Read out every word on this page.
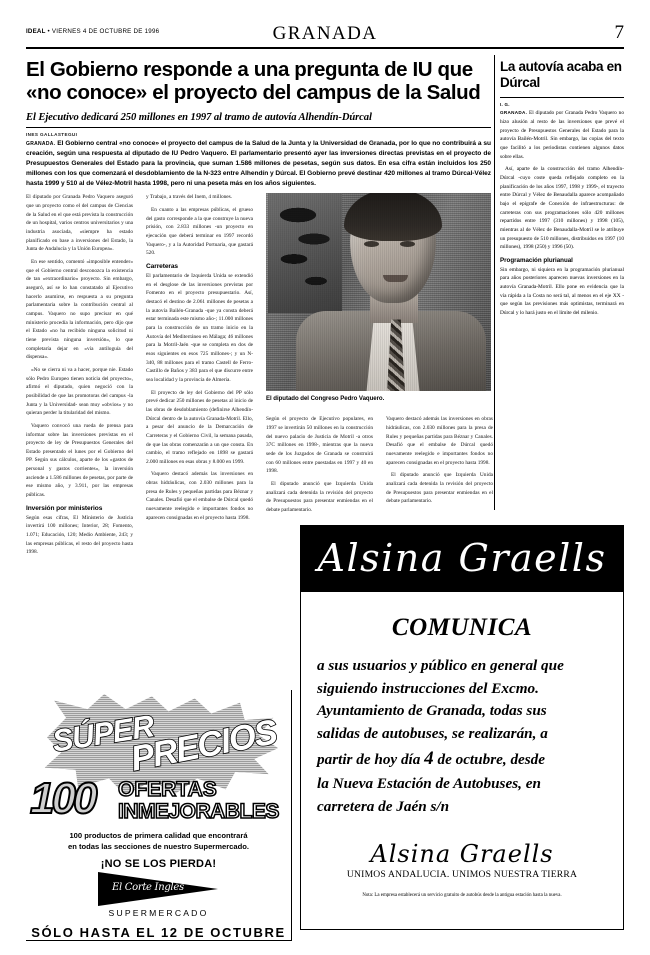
IDEAL • VIERNES 4 DE OCTUBRE DE 1996	GRANADA	7
El Gobierno responde a una pregunta de IU que
«no conoce» el proyecto del campus de la Salud
El Ejecutivo dedicará 250 millones en 1997 al tramo de autovía Alhendín-Dúrcal
INES GALLASTEGUI
GRANADA. El Gobierno central «no conoce» el proyecto del campus de la Salud de la Junta y la Universidad de Granada, por lo que no contribuirá a su creación, según una respuesta al diputado de IU Pedro Vaquero. El parlamentario presentó ayer las inversiones directas previstas en el proyecto de Presupuestos Generales del Estado para la provincia, que suman 1.586 millones de pesetas, según sus datos. En esa cifra están incluidos los 250 millones con los que comenzará el desdoblamiento de la N-323 entre Alhendín y Dúrcal. El Gobierno prevé destinar 420 millones al tramo Dúrcal-Vélez hasta 1999 y 510 al de Vélez-Motril hasta 1998, pero ni una peseta más en los años siguientes.

El diputado por Granada Pedro Vaquero aseguró que un proyecto como el del campus de Ciencias de la Salud en el que está prevista la construcción de un hospital, varios centros universitarios y una industria asociada, «siempre ha estado planificado en base a inversiones del Estado, la Junta de Andalucía y la Unión Europea».

En ese sentido, comentó «imposible entender» que el Gobierno central desconozca la existencia de tan «extraordinario» proyecto. Sin embargo, aseguró, así se lo han constatado al Ejecutivo hacerlo asumirse, en respuesta a su pregunta parlamentaria sobre la contribución central al campus. Vaquero no supo precisar en qué ministerio procedía la información, pero dijo que el Estado «no ha recibido ninguna solicitud ni tiene prevista ninguna inversión», lo que completaría dejar en «vía antiloguía del dispensa».

«No se cierra ni va a hacer, porque nie. Estado sólo Pedro Europeo tienen noticia del proyecto», afirmó el diputado, quien negoció con la posibilidad de que las promotoras del campus -la Junta y la Universidad- sean muy «obvios» y no quieran perder la titularidad del mismo.

Vaquero convocó una rueda de prensa para informar sobre las inversiones previstas en el proyecto de ley de Presupuestos Generales del Estado presentado el lunes por el Gobierno del PP. Según sus cálculos, aparte de los «gastos de personal y gastos corrientes», la inversión asciende a 1.586 millones de pesetas, por parte de ese mismo año, y 3.911, por las empresas públicas.

Inversión por ministerios

Según esas cifras, El Ministerio de Justicia invertirá 100 millones; Interior, 28; Fomento, 1.071; Educación, 120; Medio Ambiente, 243; y las empresas públicas, el resto del proyecto hasta 1998.

y Trabajo, a través del Inem, 4 millones.

En cuanto a las empresas públicas, el grueso del gasto corresponde a la que construye la nueva prisión, con 2.833 millones -un proyecto en ejecución que deberá terminar en 1997 recordó Vaquero-, y a la Autoridad Portuaria, que gastará 520.

Carreteras

El parlamentario de Izquierda Unida se extendió en el desglose de las inversiones previstas por Fomento en el proyecto presupuestario. Así, destacó el destino de 2.061 millones de pesetas a la autovía Bailén-Granada -que ya consta deberá estar terminada este mismo año-; 11.000 millones para la construcción de un tramo inicio en la Autovía del Mediterráneo en Málaga; 46 millones para la Motril-Jaén -que se completa en dos de esos siguientes en esos 725 millones-; y un N-340, 88 millones para el tramo Castell de Ferro-Castillo de Baños y 383 para el que discurre entre sea localidad y la provincia de Almería.

El proyecto de ley del Gobierno del PP sólo prevé dedicar 250 millones de pesetas al inicio de las obras de desdoblamiento (definirse Alhendín-Dúrcal dentro de la autovía Granada-Motril. Ello, a pesar del anuncio de la Demarcación de Carreteras y el Gobierno Civil, la semana pasada, de que las obras comenzarán a un que consta. En cambio, el tramo reflejado en 1898 se gastará 2.000 millones en esas obras y 8.000 en 1999.

Vaquero destacó además las inversiones en obras hidráulicas, con 2.030 millones para la presa de Rules y pequeñas partidas para Béznar y Canales. Desafió que el embalse de Dúrcal quedó nuevamente reelegido e importantes fondos no aparecen consignadas en el proyecto hasta 1998.

El diputado del Congreso Pedro Vaquero.

Según el proyecto de Ejecutivo populares, en 1997 se invertirán 50 millones en la construcción del nuevo palacio de Justicia de Motril -a otros 37C millones en 1998-, mientras que la nueva sede de los Juzgados de Granada se construirá con 60 millones entre puestadas en 1997 y 40 en 1998.

El diputado anunció que Izquierda Unida analizará cada detenida la revisión del proyecto de Presupuestos para presentar enmiendas en el debate parlamentario.

Vaquero destacó además las inversiones en obras hidráulicas, con 2.030 millones para la presa de Rules y pequeñas partidas para Béznar y Canales. Desafió que el embalse de Dúrcal quedó nuevamente reelegido e importantes fondos no aparecen consignadas en el proyecto hasta 1998.

El diputado anunció que Izquierda Unida analizará cada detenida la revisión del proyecto de Presupuestos para presentar enmiendas en el debate parlamentario.

La autovía acaba en Dúrcal
I. G.

GRANADA. El diputado por Granada Pedro Vaquero no hizo alusión al resto de las inversiones que prevé el proyecto de Presupuestos Generales del Estado para la autovía Bailén-Motril. Sin embargo, las copias del texto que facilitó a los periodistas contienen algunos datos sobre ellas.

Así, aparte de la construcción del tramo Alhendín-Dúrcal -cuyo coste queda reflejado completo en la planificación de los años 1997, 1998 y 1999-, el trayecto entre Dúrcal y Vélez de Benaudalla aparece acompañado bajo el epígrafe de Conexión de infraestructuras: de carreteras con sus programaciones sólo 420 millones repartidos entre 1997 (310 millones) y 1998 (105), mientras al de Vélez de Benaudalla-Motril se le atribuye un presupuesto de 510 millones, distribuidos en 1997 (10 millones), 1998 (250) y 1996 (50).

Programación plurianual

Sin embargo, ni siquiera en la programación plurianual para años posteriores aparecen nuevas inversiones en la autovía Granada-Motril. Ello pone en evidencia que la vía rápida a la Costa no será tal, al menos en el eje XX -que según las previsiones más optimistas, terminará en Dúrcal y lo hará justo en el límite del milenio.

Alsina Graells
COMUNICA
a sus usuarios y público en general que
siguiendo instrucciones del Excmo.
Ayuntamiento de Granada, todas sus
salidas de autobuses, se realizarán, a
partir de hoy día 4 de octubre, desde
la Nueva Estación de Autobuses, en
carretera de Jaén s/n
Alsina Graells
UNIMOS ANDALUCIA. UNIMOS NUESTRA TIERRA
Nota: La empresa establecerá un servicio gratuito de autobús desde la antigua estación hasta la nueva.
SÚPER
PRECIOS
100 OFERTAS
INMEJORABLES
100 productos de primera calidad que encontrará
en todas las secciones de nuestro Supermercado.
¡NO SE LOS PIERDA!
El Corte Inglés
SUPERMERCADO
SÓLO HASTA EL 12 DE OCTUBRE
